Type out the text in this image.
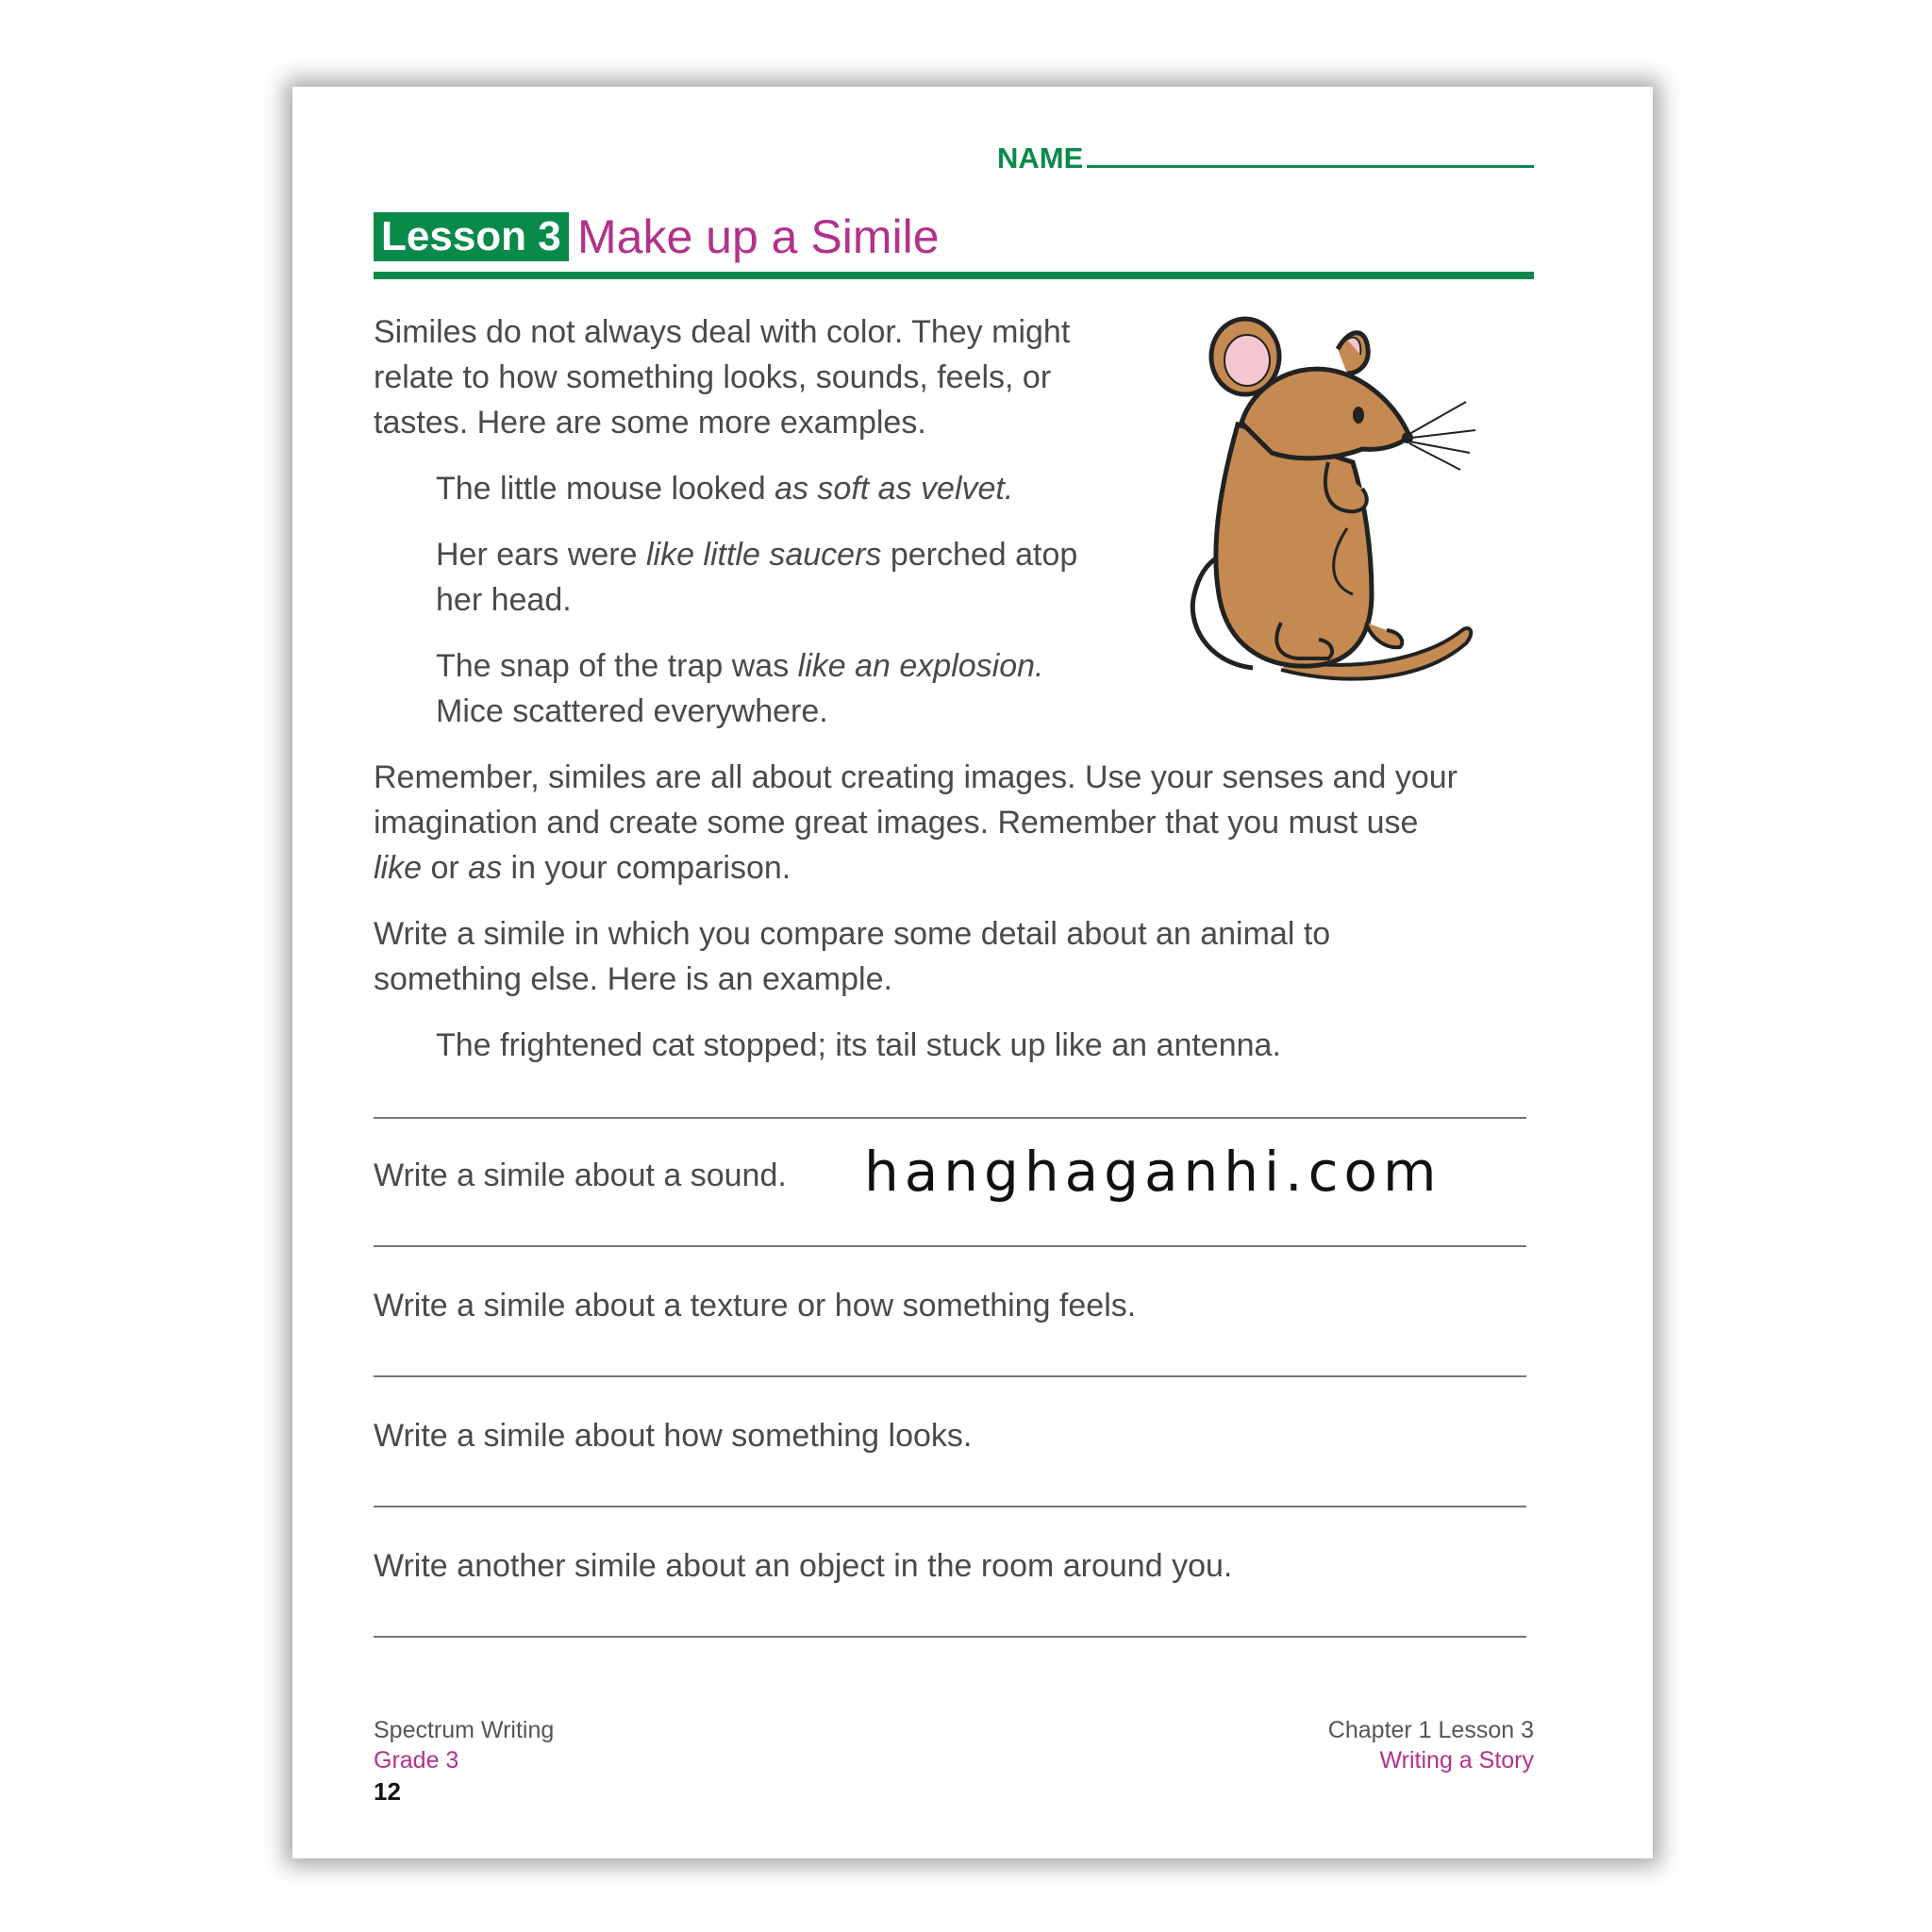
NAME
Lesson 3 Make up a Simile
Similes do not always deal with color. They might
relate to how something looks, sounds, feels, or
tastes. Here are some more examples.
The little mouse looked as soft as velvet.
Her ears were like little saucers perched atop
her head.
The snap of the trap was like an explosion.
Mice scattered everywhere.
Remember, similes are all about creating images. Use your senses and your
imagination and create some great images. Remember that you must use
like or as in your comparison.
Write a simile in which you compare some detail about an animal to
something else. Here is an example.
The frightened cat stopped; its tail stuck up like an antenna.
Write a simile about a sound. hanghaganhi.com
Write a simile about a texture or how something feels.
Write a simile about how something looks.
Write another simile about an object in the room around you.
Spectrum Writing
Grade 3
12
Chapter 1 Lesson 3
Writing a Story
